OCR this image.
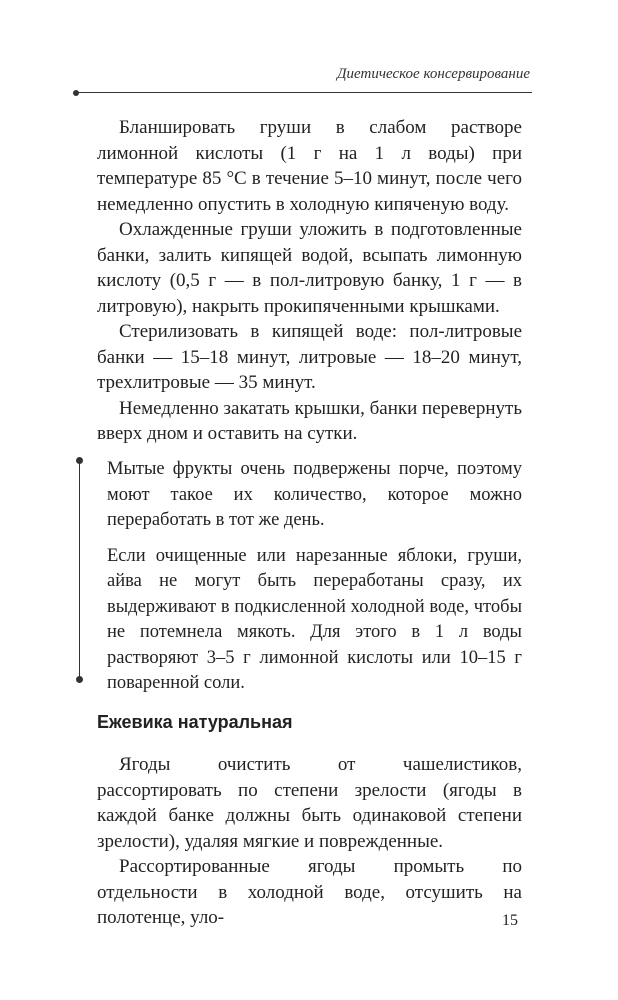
Диетическое консервирование

Бланшировать груши в слабом растворе лимонной кислоты (1 г на 1 л воды) при температуре 85 °C в течение 5–10 минут, после чего немедленно опустить в холодную кипяченую воду.

Охлажденные груши уложить в подготовленные банки, залить кипящей водой, всыпать лимонную кислоту (0,5 г — в пол-литровую банку, 1 г — в литровую), накрыть прокипяченными крышками.

Стерилизовать в кипящей воде: пол-литровые банки — 15–18 минут, литровые — 18–20 минут, трехлитровые — 35 минут.

Немедленно закатать крышки, банки перевернуть вверх дном и оставить на сутки.

Мытые фрукты очень подвержены порче, поэтому моют такое их количество, которое можно переработать в тот же день.

Если очищенные или нарезанные яблоки, груши, айва не могут быть переработаны сразу, их выдерживают в подкисленной холодной воде, чтобы не потемнела мякоть. Для этого в 1 л воды растворяют 3–5 г лимонной кислоты или 10–15 г поваренной соли.

Ежевика натуральная

Ягоды очистить от чашелистиков, рассортировать по степени зрелости (ягоды в каждой банке должны быть одинаковой степени зрелости), удаляя мягкие и поврежденные.

Рассортированные ягоды промыть по отдельности в холодной воде, отсушить на полотенце, уло-	15
